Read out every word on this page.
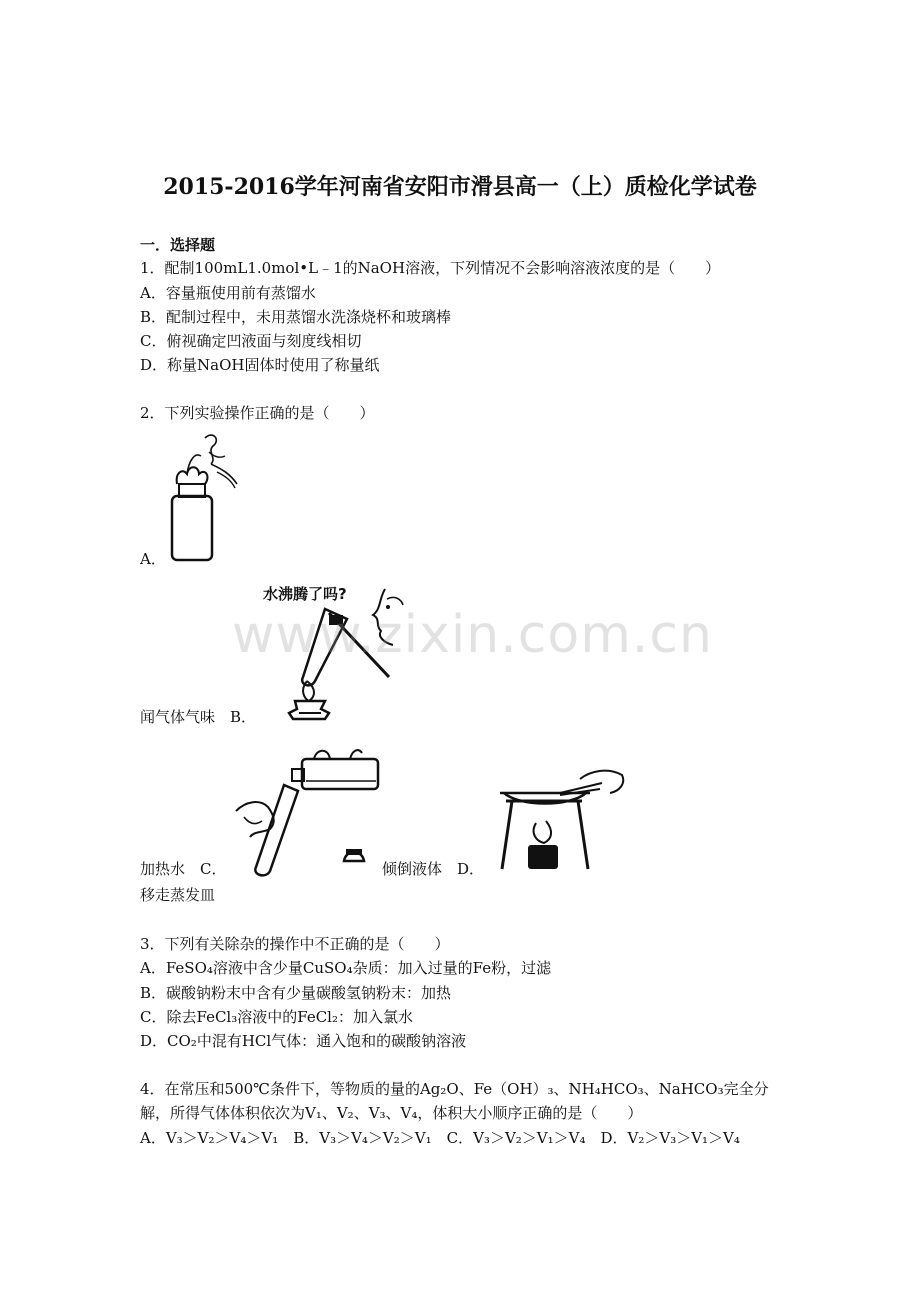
2015-2016学年河南省安阳市滑县高一（上）质检化学试卷
一．选择题
1．配制100mL1.0mol•L﹣1的NaOH溶液，下列情况不会影响溶液浓度的是（　　）
A．容量瓶使用前有蒸馏水
B．配制过程中，未用蒸馏水洗涤烧杯和玻璃棒
C．俯视确定凹液面与刻度线相切
D．称量NaOH固体时使用了称量纸
2．下列实验操作正确的是（　　）
A．
水沸腾了吗?
闻气体气味　B．
www.zixin.com.cn
加热水　C．	倾倒液体　D．
移走蒸发皿
3．下列有关除杂的操作中不正确的是（　　）
A．FeSO₄溶液中含少量CuSO₄杂质：加入过量的Fe粉，过滤
B．碳酸钠粉末中含有少量碳酸氢钠粉末：加热
C．除去FeCl₃溶液中的FeCl₂：加入氯水
D．CO₂中混有HCl气体：通入饱和的碳酸钠溶液
4．在常压和500℃条件下，等物质的量的Ag₂O、Fe（OH）₃、NH₄HCO₃、NaHCO₃完全分
解，所得气体体积依次为V₁、V₂、V₃、V₄，体积大小顺序正确的是（　　）
A．V₃＞V₂＞V₄＞V₁　B．V₃＞V₄＞V₂＞V₁　C．V₃＞V₂＞V₁＞V₄　D．V₂＞V₃＞V₁＞V₄
